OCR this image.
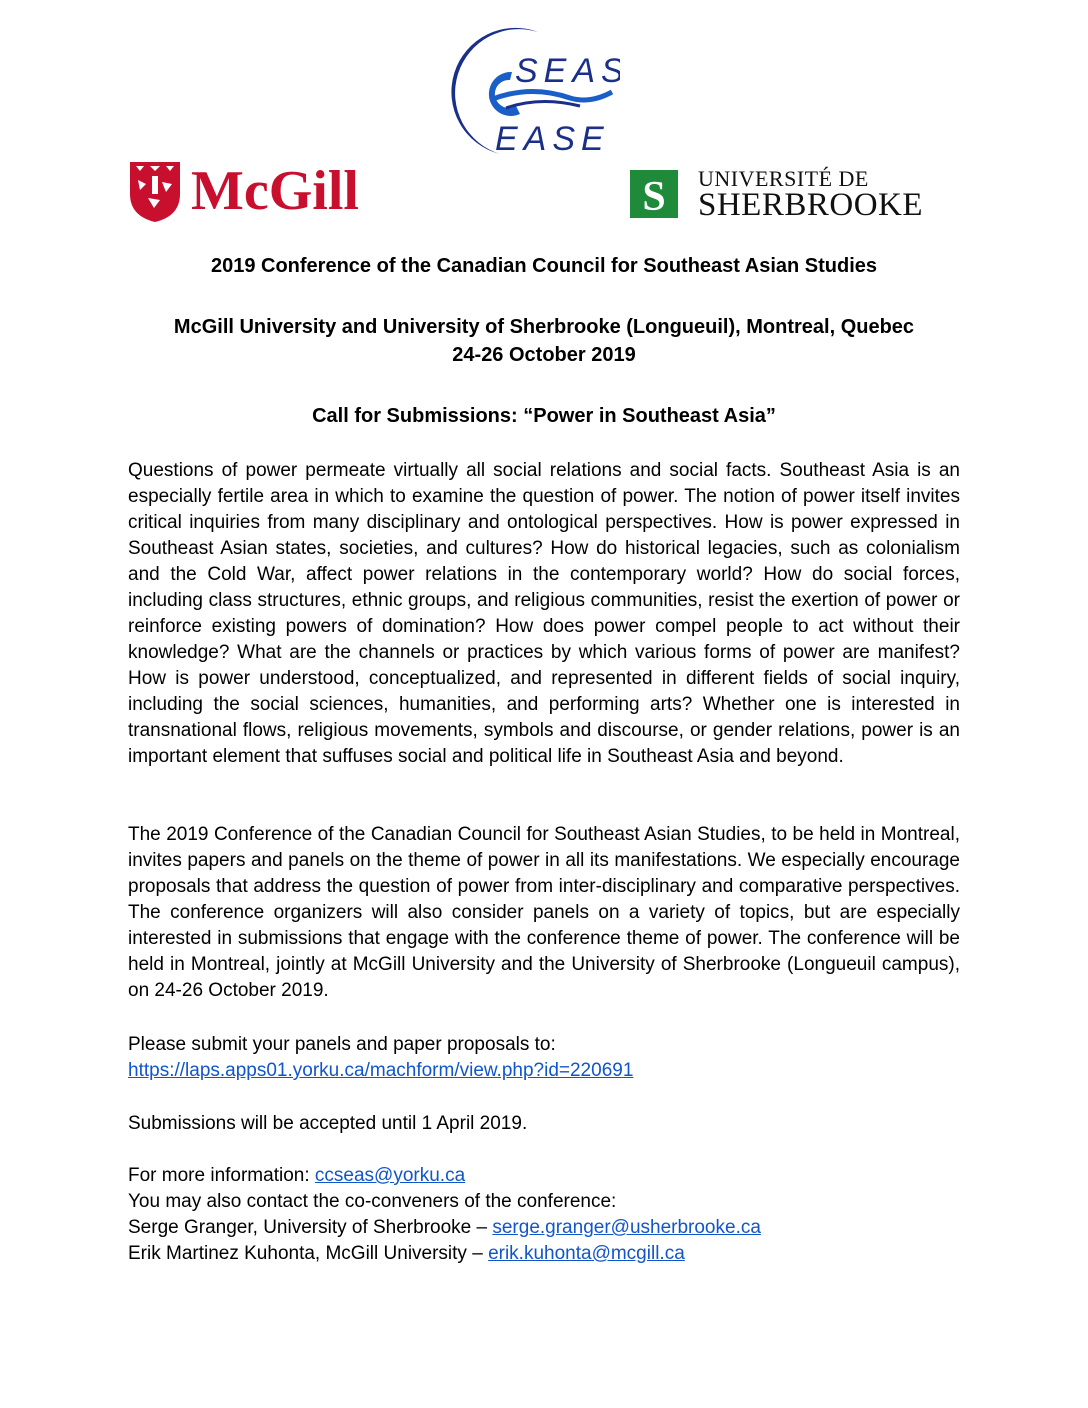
SEAS
EASE
McGill	S UNIVERSITÉ DE
SHERBROOKE
2019 Conference of the Canadian Council for Southeast Asian Studies
McGill University and University of Sherbrooke (Longueuil), Montreal, Quebec
24-26 October 2019
Call for Submissions: “Power in Southeast Asia”

Questions of power permeate virtually all social relations and social facts. Southeast Asia is an especially fertile area in which to examine the question of power. The notion of power itself invites critical inquiries from many disciplinary and ontological perspectives. How is power expressed in Southeast Asian states, societies, and cultures? How do historical legacies, such as colonialism and the Cold War, affect power relations in the contemporary world? How do social forces, including class structures, ethnic groups, and religious communities, resist the exertion of power or reinforce existing powers of domination? How does power compel people to act without their knowledge? What are the channels or practices by which various forms of power are manifest? How is power understood, conceptualized, and represented in different fields of social inquiry, including the social sciences, humanities, and performing arts? Whether one is interested in transnational flows, religious movements, symbols and discourse, or gender relations, power is an important element that suffuses social and political life in Southeast Asia and beyond.

The 2019 Conference of the Canadian Council for Southeast Asian Studies, to be held in Montreal, invites papers and panels on the theme of power in all its manifestations. We especially encourage proposals that address the question of power from inter-disciplinary and comparative perspectives. The conference organizers will also consider panels on a variety of topics, but are especially interested in submissions that engage with the conference theme of power. The conference will be held in Montreal, jointly at McGill University and the University of Sherbrooke (Longueuil campus), on 24-26 October 2019.

Please submit your panels and paper proposals to:
https://laps.apps01.yorku.ca/machform/view.php?id=220691
Submissions will be accepted until 1 April 2019.
For more information: ccseas@yorku.ca
You may also contact the co-conveners of the conference:
Serge Granger, University of Sherbrooke – serge.granger@usherbrooke.ca
Erik Martinez Kuhonta, McGill University – erik.kuhonta@mcgill.ca
